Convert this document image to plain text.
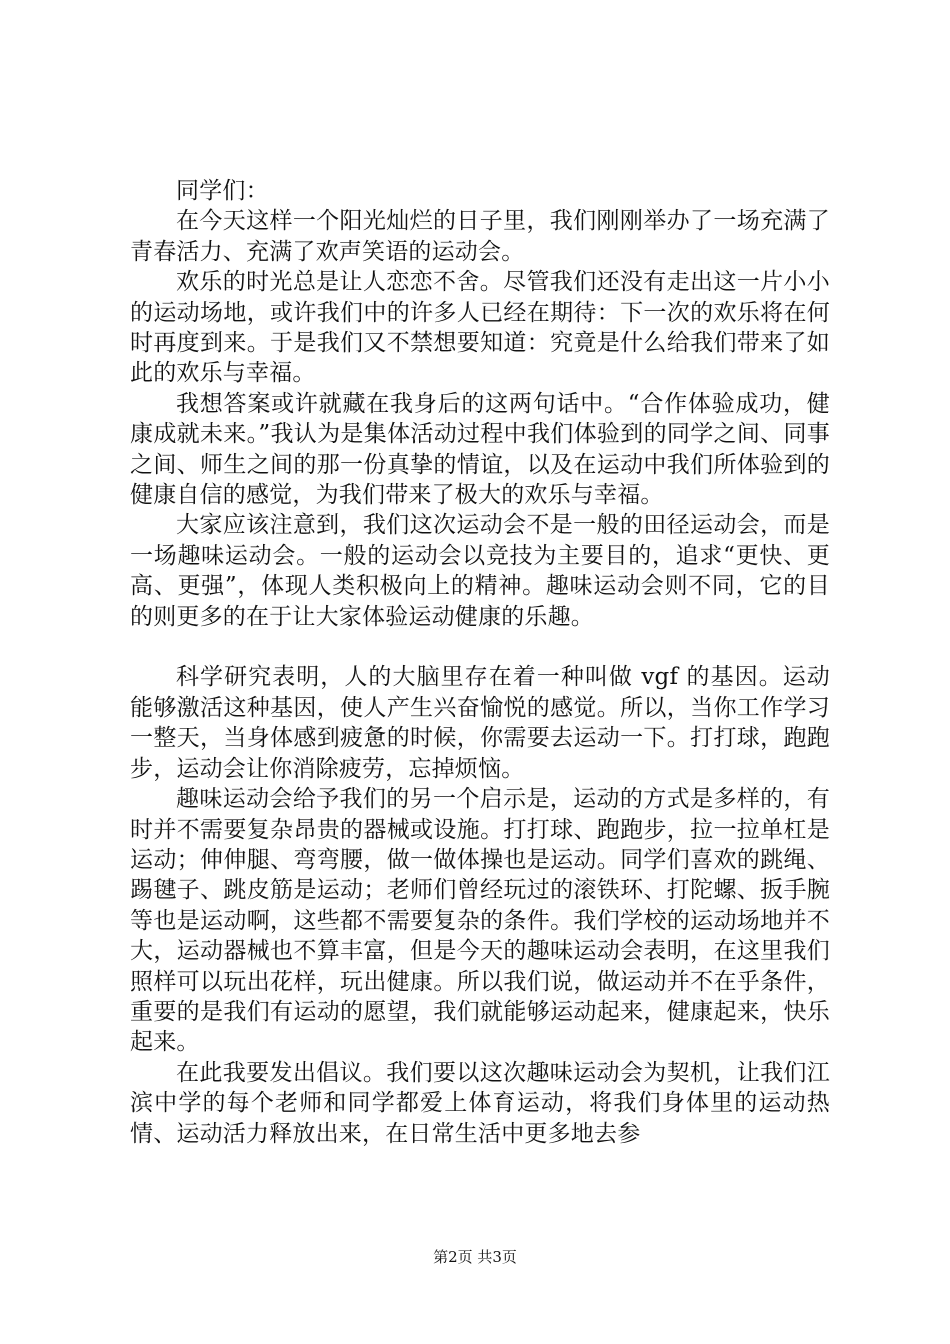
同学们：

在今天这样一个阳光灿烂的日子里，我们刚刚举办了一场充满了青春活力、充满了欢声笑语的运动会。

欢乐的时光总是让人恋恋不舍。尽管我们还没有走出这一片小小的运动场地，或许我们中的许多人已经在期待：下一次的欢乐将在何时再度到来。于是我们又不禁想要知道：究竟是什么给我们带来了如此的欢乐与幸福。

我想答案或许就藏在我身后的这两句话中。“合作体验成功，健康成就未来。”我认为是集体活动过程中我们体验到的同学之间、同事之间、师生之间的那一份真挚的情谊，以及在运动中我们所体验到的健康自信的感觉，为我们带来了极大的欢乐与幸福。

大家应该注意到，我们这次运动会不是一般的田径运动会，而是一场趣味运动会。一般的运动会以竞技为主要目的，追求“更快、更高、更强”，体现人类积极向上的精神。趣味运动会则不同，它的目的则更多的在于让大家体验运动健康的乐趣。

科学研究表明，人的大脑里存在着一种叫做 vgf 的基因。运动能够激活这种基因，使人产生兴奋愉悦的感觉。所以，当你工作学习一整天，当身体感到疲惫的时候，你需要去运动一下。打打球，跑跑步，运动会让你消除疲劳，忘掉烦恼。

趣味运动会给予我们的另一个启示是，运动的方式是多样的，有时并不需要复杂昂贵的器械或设施。打打球、跑跑步，拉一拉单杠是运动；伸伸腿、弯弯腰，做一做体操也是运动。同学们喜欢的跳绳、踢毽子、跳皮筋是运动；老师们曾经玩过的滚铁环、打陀螺、扳手腕等也是运动啊，这些都不需要复杂的条件。我们学校的运动场地并不大，运动器械也不算丰富，但是今天的趣味运动会表明，在这里我们照样可以玩出花样，玩出健康。所以我们说，做运动并不在乎条件，重要的是我们有运动的愿望，我们就能够运动起来，健康起来，快乐起来。

在此我要发出倡议。我们要以这次趣味运动会为契机，让我们江滨中学的每个老师和同学都爱上体育运动，将我们身体里的运动热情、运动活力释放出来，在日常生活中更多地去参

第2页 共3页
